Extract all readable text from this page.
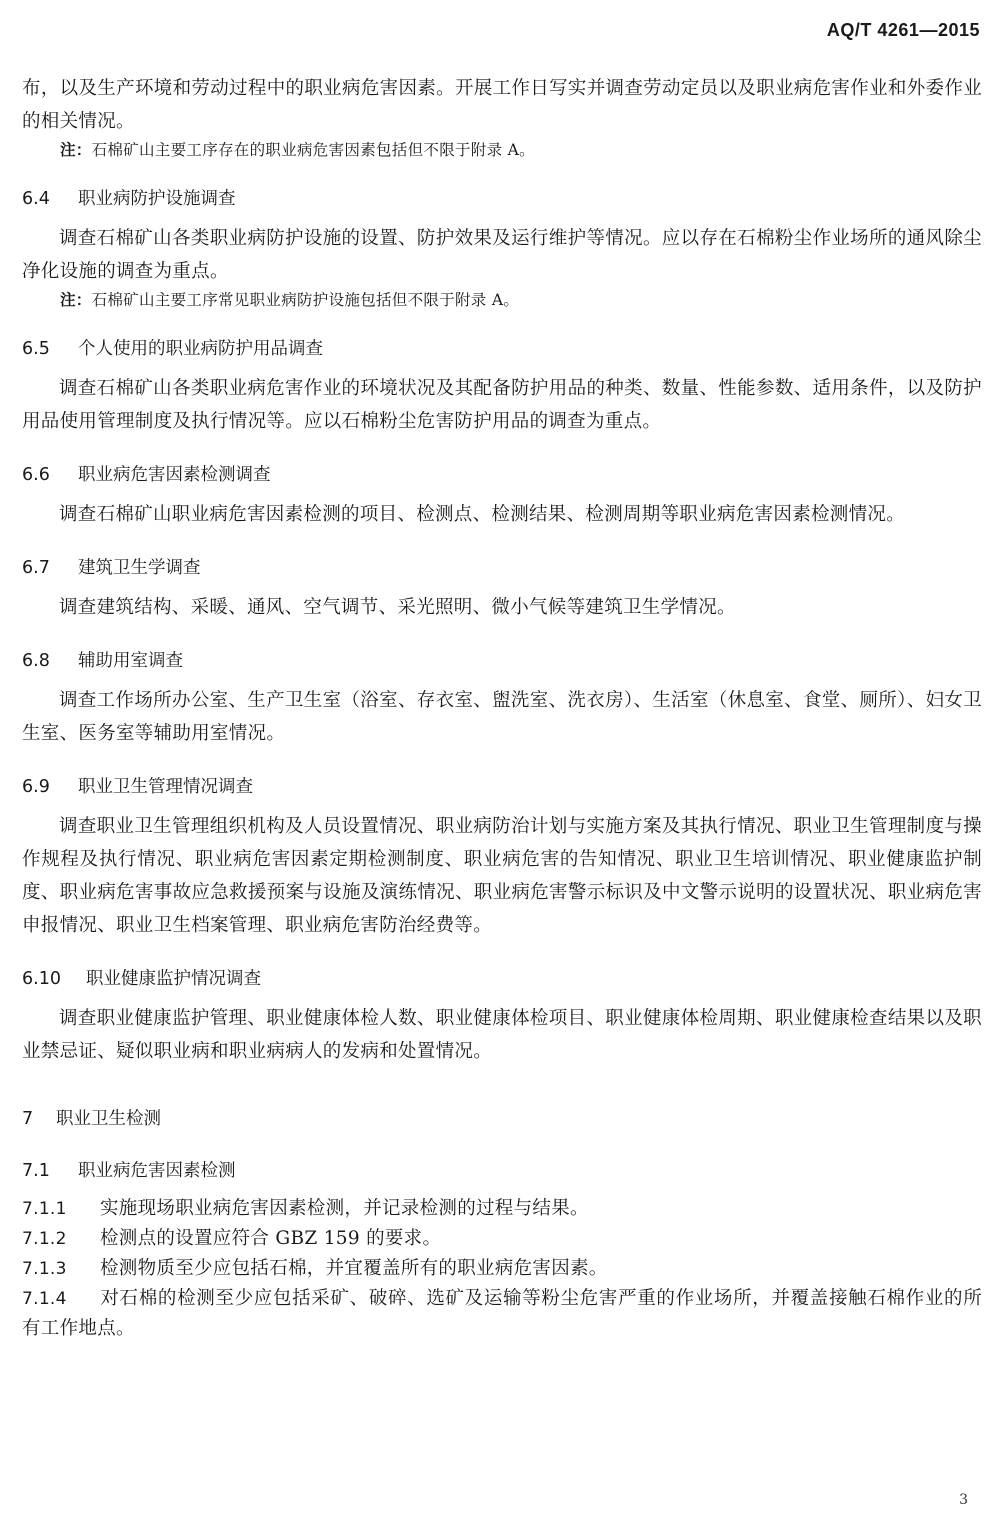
AQ/T 4261—2015

布，以及生产环境和劳动过程中的职业病危害因素。开展工作日写实并调查劳动定员以及职业病危害作业和外委作业的相关情况。

注：石棉矿山主要工序存在的职业病危害因素包括但不限于附录 A。

6.4 职业病防护设施调查

调查石棉矿山各类职业病防护设施的设置、防护效果及运行维护等情况。应以存在石棉粉尘作业场所的通风除尘净化设施的调查为重点。

注：石棉矿山主要工序常见职业病防护设施包括但不限于附录 A。

6.5 个人使用的职业病防护用品调查

调查石棉矿山各类职业病危害作业的环境状况及其配备防护用品的种类、数量、性能参数、适用条件，以及防护用品使用管理制度及执行情况等。应以石棉粉尘危害防护用品的调查为重点。

6.6 职业病危害因素检测调查

调查石棉矿山职业病危害因素检测的项目、检测点、检测结果、检测周期等职业病危害因素检测情况。

6.7 建筑卫生学调查

调查建筑结构、采暖、通风、空气调节、采光照明、微小气候等建筑卫生学情况。

6.8 辅助用室调查

调查工作场所办公室、生产卫生室（浴室、存衣室、盥洗室、洗衣房）、生活室（休息室、食堂、厕所）、妇女卫生室、医务室等辅助用室情况。

6.9 职业卫生管理情况调查

调查职业卫生管理组织机构及人员设置情况、职业病防治计划与实施方案及其执行情况、职业卫生管理制度与操作规程及执行情况、职业病危害因素定期检测制度、职业病危害的告知情况、职业卫生培训情况、职业健康监护制度、职业病危害事故应急救援预案与设施及演练情况、职业病危害警示标识及中文警示说明的设置状况、职业病危害申报情况、职业卫生档案管理、职业病危害防治经费等。

6.10 职业健康监护情况调查

调查职业健康监护管理、职业健康体检人数、职业健康体检项目、职业健康体检周期、职业健康检查结果以及职业禁忌证、疑似职业病和职业病病人的发病和处置情况。

7 职业卫生检测
7.1 职业病危害因素检测

7.1.1 实施现场职业病危害因素检测，并记录检测的过程与结果。

7.1.2 检测点的设置应符合 GBZ 159 的要求。

7.1.3 检测物质至少应包括石棉，并宜覆盖所有的职业病危害因素。

7.1.4 对石棉的检测至少应包括采矿、破碎、选矿及运输等粉尘危害严重的作业场所，并覆盖接触石棉作业的所有工作地点。

3
